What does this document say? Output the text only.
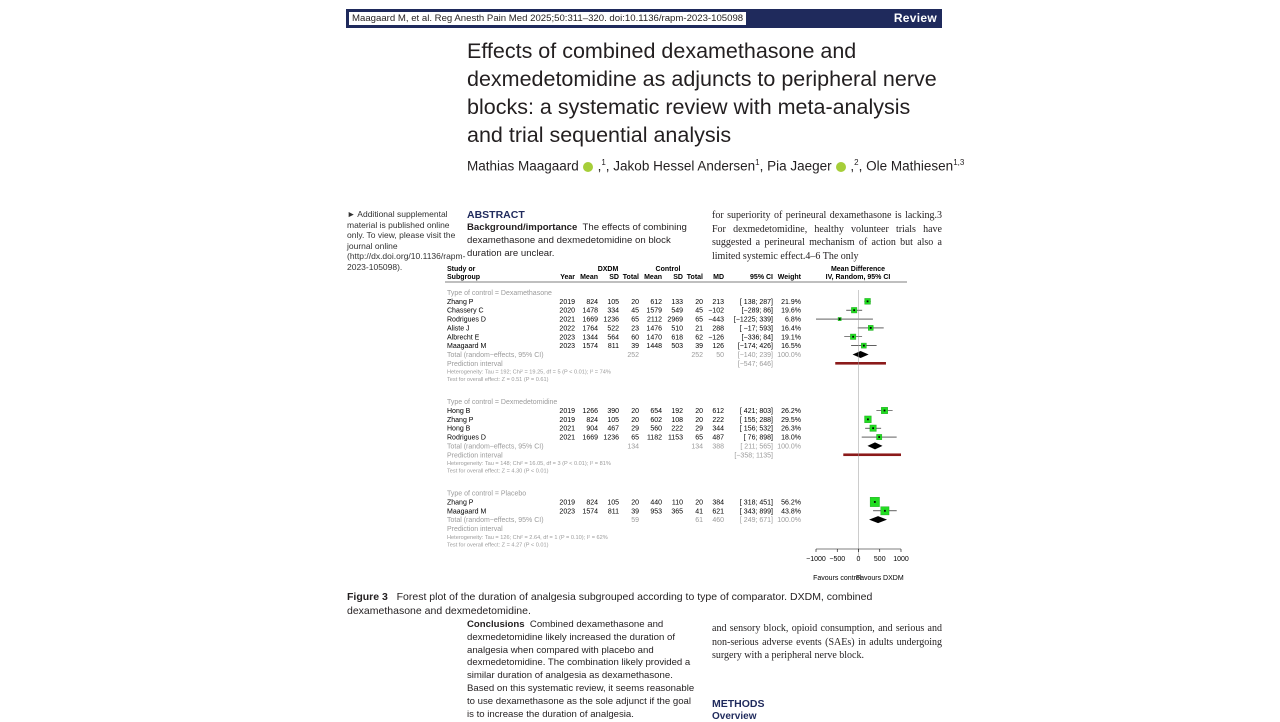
Maagaard M, et al. Reg Anesth Pain Med 2025;50:311–320. doi:10.1136/rapm-2023-105098	Review
Effects of combined dexamethasone and dexmedetomidine as adjuncts to peripheral nerve blocks: a systematic review with meta-analysis and trial sequential analysis
Mathias Maagaard ,$^1$, Jakob Hessel Andersen$^1$, Pia Jaeger ,$^2$, Ole Mathiesen$^{1,3}$
► Additional supplemental material is published online only. To view, please visit the journal online (http://dx.doi.org/10.1136/rapm-2023-105098).
ABSTRACT
Background/importance The effects of combining dexamethasone and dexmedetomidine on block duration are unclear.
for superiority of perineural dexamethasone is lacking.3 For dexmedetomidine, healthy volunteer trials have suggested a perineural mechanism of action but also a limited systemic effect.4–6 The only
Study or
Subgroup
DXDM	Control
Year Mean SD Total Mean SD Total MD	95% CI Weight
Mean Difference
IV, Random, 95% CI
Type of control = Dexamethasone
Zhang P	2019 824 105 20 612 133 20 213 [ 138; 287] 21.9%
Chassery C	2020 1478 334 45 1579 549 45 −102	[−289; 86] 19.6%
Rodrigues D	2021 1669 1236 65 2112 2969 65 −443 [−1225; 339] 6.8%
Aliste J	2022 1764 522 23 1476 510 21 288 [ −17; 593] 16.4%
Albrecht E	2023 1344 564 60 1470 618 62 −126	[−336; 84] 19.1%
Maagaard M	2023 1574 811 39 1448 503 39 126 [−174; 426] 16.5%
Total (random−effects, 95% CI)	252	252 50 [−140; 239] 100.0%
Prediction interval	[−547; 646]
Heterogeneity: Tau = 192; Chi² = 19.25, df = 5 (P < 0.01); I² = 74%
Test for overall effect: Z = 0.51 (P = 0.61)
Type of control = Dexmedetomidine
Hong B	2019 1266 390 20 654 192 20 612 [ 421; 803] 26.2%
Zhang P	2019 824 105 20 602 108 20 222 [ 155; 288] 29.5%
Hong B	2021 904 467 29 560 222 29 344 [ 156; 532] 26.3%
Rodrigues D	2021 1669 1236 65 1182 1153 65 487	[ 76; 898] 18.0%
Total (random−effects, 95% CI)	134	134 388 [ 211; 565] 100.0%
Prediction interval	[−358; 1135]
Heterogeneity: Tau = 148; Chi² = 16.05, df = 3 (P < 0.01); I² = 81%
Test for overall effect: Z = 4.30 (P < 0.01)
Type of control = Placebo
Zhang P	2019 824 105 20 440 110 20 384 [ 318; 451] 56.2%
Maagaard M	2023 1574 811 39 953 365 41 621 [ 343; 899] 43.8%
Total (random−effects, 95% CI)	59	61 460 [ 249; 671] 100.0%
Prediction interval
Heterogeneity: Tau = 126; Chi² = 2.64, df = 1 (P = 0.10); I² = 62%
Test for overall effect: Z = 4.27 (P < 0.01)
−1000 −500 0 500 1000
Favours control
Favours DXDM
Figure 3 Forest plot of the duration of analgesia subgrouped according to type of comparator. DXDM, combined dexamethasone and dexmedetomidine.
Conclusions Combined dexamethasone and dexmedetomidine likely increased the duration of analgesia when compared with placebo and dexmedetomidine. The combination likely provided a similar duration of analgesia as dexamethasone. Based on this systematic review, it seems reasonable to use dexamethasone as the sole adjunct if the goal is to increase the duration of analgesia.
and sensory block, opioid consumption, and serious and non-serious adverse events (SAEs) in adults undergoing surgery with a peripheral nerve block.
METHODS
Overview
